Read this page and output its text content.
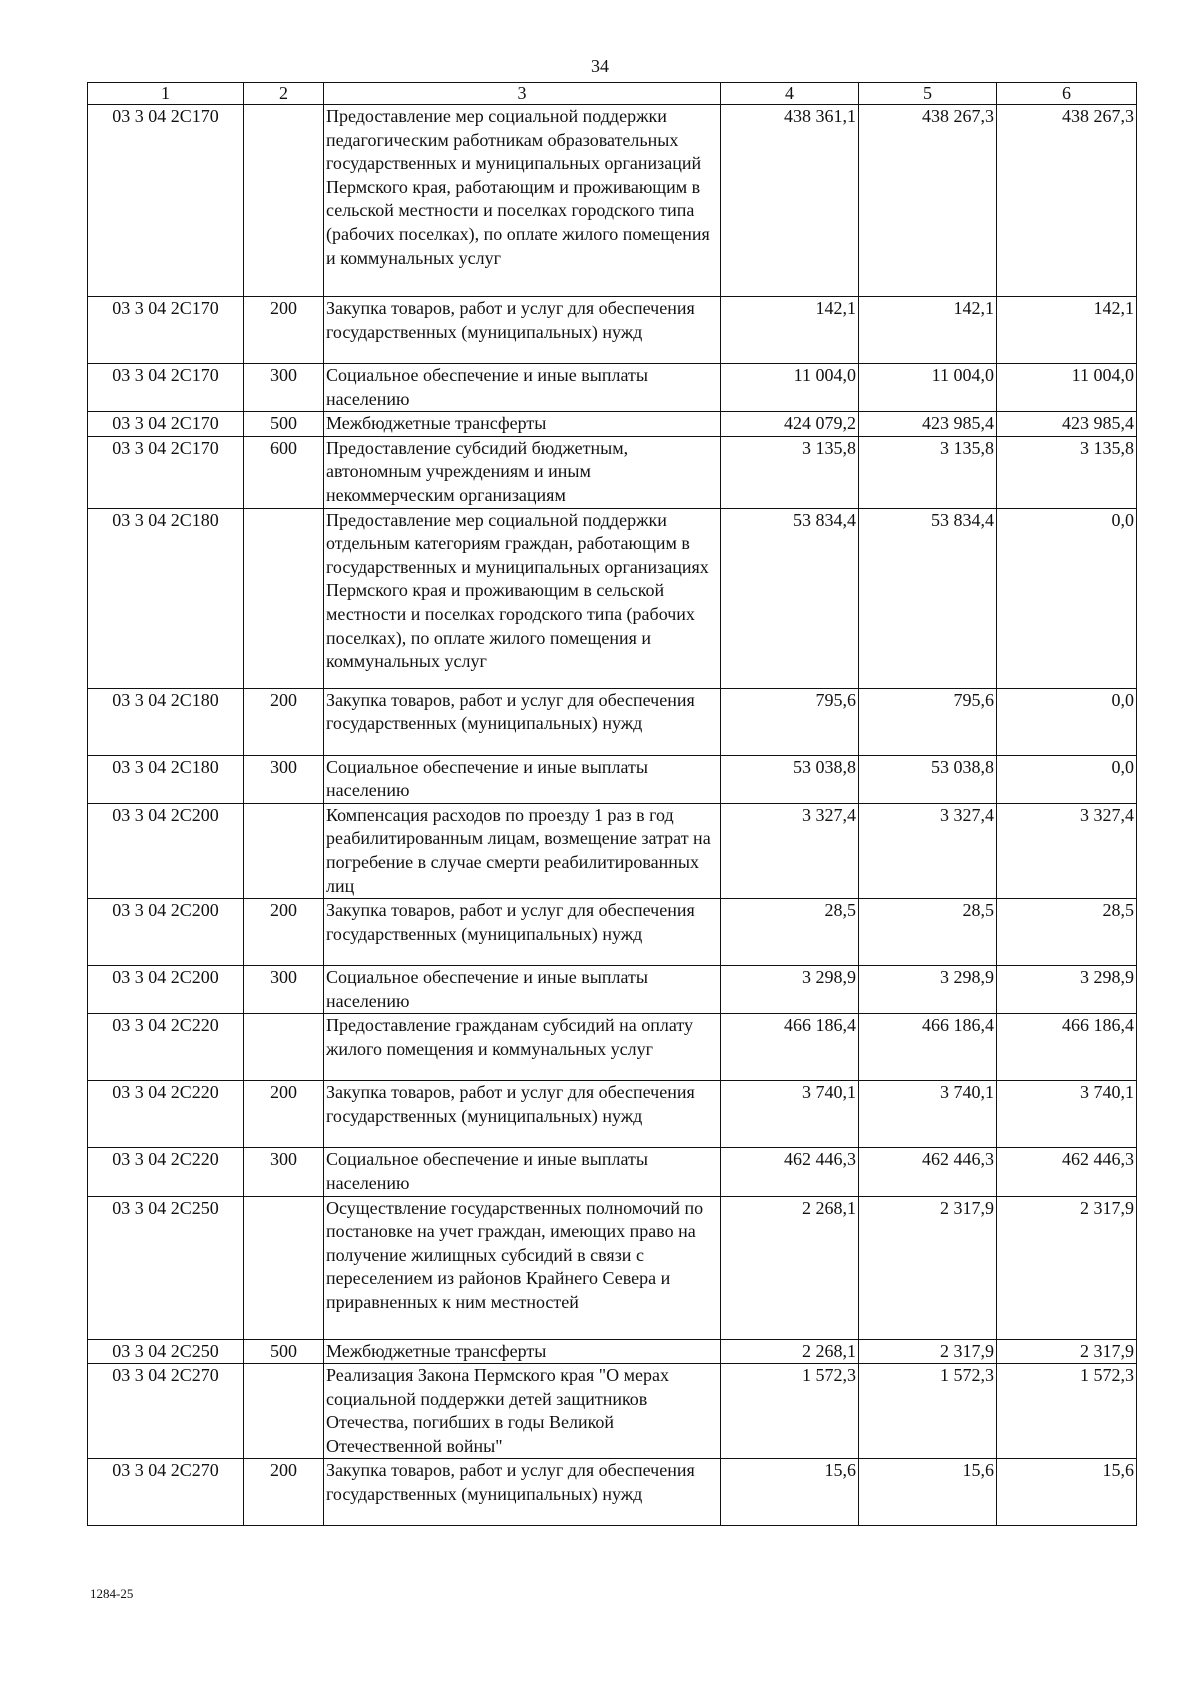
34
1	2	3	4	5	6
03 3 04 2С170		Предоставление мер социальной поддержки педагогическим работникам образовательных государственных и муниципальных организаций Пермского края, работающим и проживающим в сельской местности и поселках городского типа (рабочих поселках), по оплате жилого помещения и коммунальных услуг	438 361,1	438 267,3	438 267,3
03 3 04 2С170	200	Закупка товаров, работ и услуг для обеспечения государственных (муниципальных) нужд	142,1	142,1	142,1
03 3 04 2С170	300	Социальное обеспечение и иные выплаты населению	11 004,0	11 004,0	11 004,0
03 3 04 2С170	500	Межбюджетные трансферты	424 079,2	423 985,4	423 985,4
03 3 04 2С170	600	Предоставление субсидий бюджетным, автономным учреждениям и иным некоммерческим организациям	3 135,8	3 135,8	3 135,8
03 3 04 2С180		Предоставление мер социальной поддержки отдельным категориям граждан, работающим в государственных и муниципальных организациях Пермского края и проживающим в сельской местности и поселках городского типа (рабочих поселках), по оплате жилого помещения и коммунальных услуг	53 834,4	53 834,4	0,0
03 3 04 2С180	200	Закупка товаров, работ и услуг для обеспечения государственных (муниципальных) нужд	795,6	795,6	0,0
03 3 04 2С180	300	Социальное обеспечение и иные выплаты населению	53 038,8	53 038,8	0,0
03 3 04 2С200		Компенсация расходов по проезду 1 раз в год реабилитированным лицам, возмещение затрат на погребение в случае смерти реабилитированных лиц	3 327,4	3 327,4	3 327,4
03 3 04 2С200	200	Закупка товаров, работ и услуг для обеспечения государственных (муниципальных) нужд	28,5	28,5	28,5
03 3 04 2С200	300	Социальное обеспечение и иные выплаты населению	3 298,9	3 298,9	3 298,9
03 3 04 2С220		Предоставление гражданам субсидий на оплату жилого помещения и коммунальных услуг	466 186,4	466 186,4	466 186,4
03 3 04 2С220	200	Закупка товаров, работ и услуг для обеспечения государственных (муниципальных) нужд	3 740,1	3 740,1	3 740,1
03 3 04 2С220	300	Социальное обеспечение и иные выплаты населению	462 446,3	462 446,3	462 446,3
03 3 04 2С250		Осуществление государственных полномочий по постановке на учет граждан, имеющих право на получение жилищных субсидий в связи с переселением из районов Крайнего Севера и приравненных к ним местностей	2 268,1	2 317,9	2 317,9
03 3 04 2С250	500	Межбюджетные трансферты	2 268,1	2 317,9	2 317,9
03 3 04 2С270		Реализация Закона Пермского края "О мерах социальной поддержки детей защитников Отечества, погибших в годы Великой Отечественной войны"	1 572,3	1 572,3	1 572,3
03 3 04 2С270	200	Закупка товаров, работ и услуг для обеспечения государственных (муниципальных) нужд	15,6	15,6	15,6
1284-25
